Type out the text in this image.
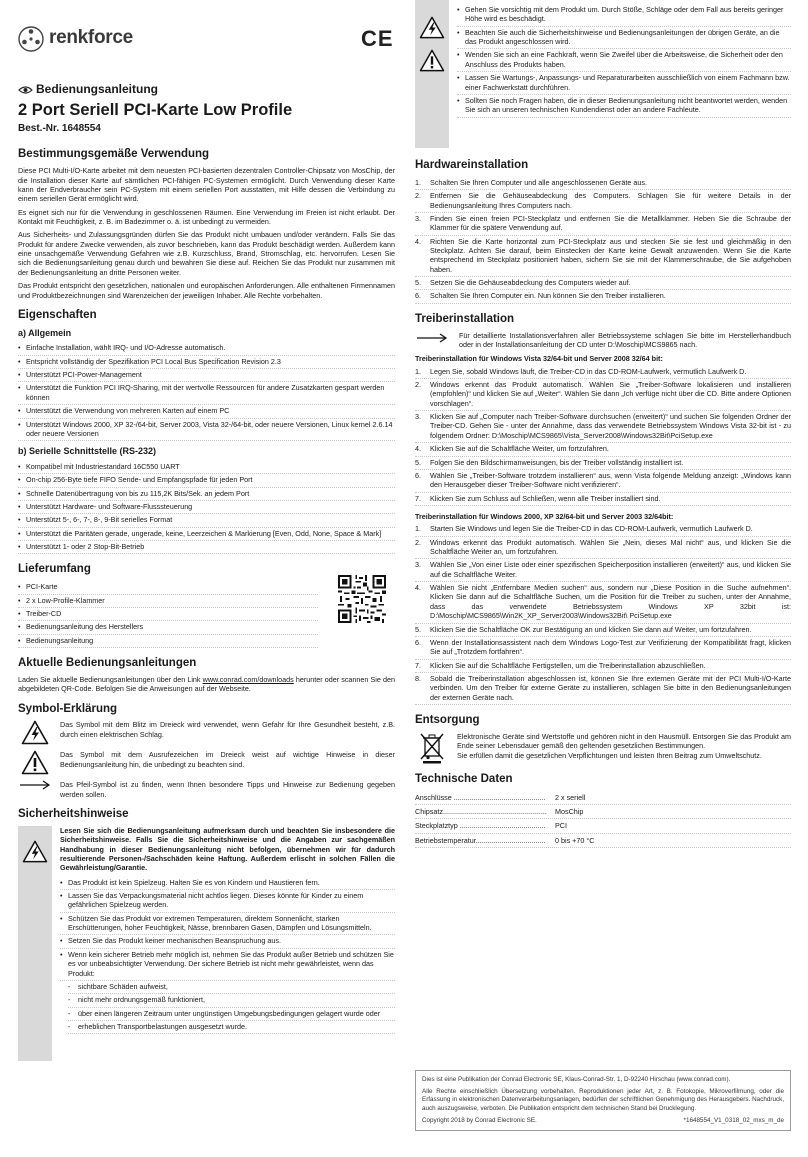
renkforce	CE
Bedienungsanleitung
2 Port Seriell PCI-Karte Low Profile
Best.-Nr. 1648554
Bestimmungsgemäße Verwendung
Diese PCI Multi-I/O-Karte arbeitet mit dem neuesten PCI-basierten dezentralen Controller-Chipsatz von MosChip, der die Installation dieser Karte auf sämtlichen PCI-fähigen PC-Systemen ermöglicht. Durch Verwendung dieser Karte kann der Endverbraucher sein PC-System mit einem seriellen Port ausstatten, mit Hilfe dessen die Verbindung zu einem seriellen Gerät ermöglicht wird.
Es eignet sich nur für die Verwendung in geschlossenen Räumen. Eine Verwendung im Freien ist nicht erlaubt. Der Kontakt mit Feuchtigkeit, z. B. im Badezimmer o. ä. ist unbedingt zu vermeiden.
Aus Sicherheits- und Zulassungsgründen dürfen Sie das Produkt nicht umbauen und/oder verändern. Falls Sie das Produkt für andere Zwecke verwenden, als zuvor beschrieben, kann das Produkt beschädigt werden. Außerdem kann eine unsachgemäße Verwendung Gefahren wie z.B. Kurzschluss, Brand, Stromschlag, etc. hervorrufen. Lesen Sie sich die Bedienungsanleitung genau durch und bewahren Sie diese auf. Reichen Sie das Produkt nur zusammen mit der Bedienungsanleitung an dritte Personen weiter.
Das Produkt entspricht den gesetzlichen, nationalen und europäischen Anforderungen. Alle enthaltenen Firmennamen und Produktbezeichnungen sind Warenzeichen der jeweiligen Inhaber. Alle Rechte vorbehalten.
Eigenschaften
a) Allgemein
• Einfache Installation, wählt IRQ- und I/O-Adresse automatisch.
• Entspricht vollständig der Spezifikation PCI Local Bus Specification Revision 2.3
• Unterstützt PCI-Power-Management
• Unterstützt die Funktion PCI IRQ-Sharing, mit der wertvolle Ressourcen für andere Zusatzkarten gespart werden können
• Unterstützt die Verwendung von mehreren Karten auf einem PC
• Unterstützt Windows 2000, XP 32-/64-bit, Server 2003, Vista 32-/64-bit, oder neuere Versionen, Linux kernel 2.6.14 oder neuere Versionen
b) Serielle Schnittstelle (RS-232)
• Kompatibel mit Industriestandard 16C550 UART
• On-chip 256-Byte tiefe FIFO Sende- und Empfangspfade für jeden Port
• Schnelle Datenübertragung von bis zu 115,2K Bits/Sek. an jedem Port
• Unterstützt Hardware- und Software-Flusssteuerung
• Unterstützt 5-, 6-, 7-, 8-, 9-Bit serielles Format
• Unterstützt die Paritäten gerade, ungerade, keine, Leerzeichen & Markierung [Even, Odd, None, Space & Mark]
• Unterstützt 1- oder 2 Stop-Bit-Betrieb
Lieferumfang
• PCI-Karte
• 2 x Low-Profile-Klammer
• Treiber-CD
• Bedienungsanleitung des Herstellers
• Bedienungsanleitung
Aktuelle Bedienungsanleitungen
Laden Sie aktuelle Bedienungsanleitungen über den Link www.conrad.com/downloads herunter oder scannen Sie den abgebildeten QR-Code. Befolgen Sie die Anweisungen auf der Webseite.
Symbol-Erklärung
Das Symbol mit dem Blitz im Dreieck wird verwendet, wenn Gefahr für Ihre Gesundheit besteht, z.B. durch einen elektrischen Schlag.
Das Symbol mit dem Ausrufezeichen im Dreieck weist auf wichtige Hinweise in dieser Bedienungsanleitung hin, die unbedingt zu beachten sind.
Das Pfeil-Symbol ist zu finden, wenn Ihnen besondere Tipps und Hinweise zur Bedienung gegeben werden sollen.
Sicherheitshinweise
Lesen Sie sich die Bedienungsanleitung aufmerksam durch und beachten Sie insbesondere die Sicherheitshinweise. Falls Sie die Sicherheitshinweise und die Angaben zur sachgemäßen Handhabung in dieser Bedienungsanleitung nicht befolgen, übernehmen wir für dadurch resultierende Personen-/Sachschäden keine Haftung. Außerdem erlischt in solchen Fällen die Gewährleistung/Garantie.
• Das Produkt ist kein Spielzeug. Halten Sie es von Kindern und Haustieren fern.
• Lassen Sie das Verpackungsmaterial nicht achtlos liegen. Dieses könnte für Kinder zu einem gefährlichen Spielzeug werden.
• Schützen Sie das Produkt vor extremen Temperaturen, direktem Sonnenlicht, starken Erschütterungen, hoher Feuchtigkeit, Nässe, brennbaren Gasen, Dämpfen und Lösungsmitteln.
• Setzen Sie das Produkt keiner mechanischen Beanspruchung aus.
• Wenn kein sicherer Betrieb mehr möglich ist, nehmen Sie das Produkt außer Betrieb und schützen Sie es vor unbeabsichtigter Verwendung. Der sichere Betrieb ist nicht mehr gewährleistet, wenn das Produkt:
- sichtbare Schäden aufweist,
- nicht mehr ordnungsgemäß funktioniert,
- über einen längeren Zeitraum unter ungünstigen Umgebungsbedingungen gelagert wurde oder
- erheblichen Transportbelastungen ausgesetzt wurde.
• Gehen Sie vorsichtig mit dem Produkt um. Durch Stöße, Schläge oder dem Fall aus bereits geringer Höhe wird es beschädigt.
• Beachten Sie auch die Sicherheitshinweise und Bedienungsanleitungen der übrigen Geräte, an die das Produkt angeschlossen wird.
• Wenden Sie sich an eine Fachkraft, wenn Sie Zweifel über die Arbeitsweise, die Sicherheit oder den Anschluss des Produkts haben.
• Lassen Sie Wartungs-, Anpassungs- und Reparaturarbeiten ausschließlich von einem Fachmann bzw. einer Fachwerkstatt durchführen.
• Sollten Sie noch Fragen haben, die in dieser Bedienungsanleitung nicht beantwortet werden, wenden Sie sich an unseren technischen Kundendienst oder an andere Fachleute.
Hardwareinstallation
1. Schalten Sie Ihren Computer und alle angeschlossenen Geräte aus.
2. Entfernen Sie die Gehäuseabdeckung des Computers. Schlagen Sie für weitere Details in der Bedienungsanleitung Ihres Computers nach.
3. Finden Sie einen freien PCI-Steckplatz und entfernen Sie die Metallklammer. Heben Sie die Schraube der Klammer für die spätere Verwendung auf.
4. Richten Sie die Karte horizontal zum PCI-Steckplatz aus und stecken Sie sie fest und gleichmäßig in den Steckplatz. Achten Sie darauf, beim Einstecken der Karte keine Gewalt anzuwenden. Wenn Sie die Karte entsprechend im Steckplatz positioniert haben, sichern Sie sie mit der Klammerschraube, die Sie aufgehoben haben.
5. Setzen Sie die Gehäuseabdeckung des Computers wieder auf.
6. Schalten Sie Ihren Computer ein. Nun können Sie den Treiber installieren.
Treiberinstallation
Für detaillierte Installationsverfahren aller Betriebssysteme schlagen Sie bitte im Herstellerhandbuch oder in der Installationsanleitung der CD unter D:\Moschip\MCS9865 nach.
Treiberinstallation für Windows Vista 32/64-bit und Server 2008 32/64 bit:
1. Legen Sie, sobald Windows läuft, die Treiber-CD in das CD-ROM-Laufwerk, vermutlich Laufwerk D.
2. Windows erkennt das Produkt automatisch. Wählen Sie „Treiber-Software lokalisieren und installieren (empfohlen)“ und klicken Sie auf „Weiter“. Wählen Sie dann „Ich verfüge nicht über die CD. Bitte andere Optionen vorschlagen“.
3. Klicken Sie auf „Computer nach Treiber-Software durchsuchen (erweitert)“ und suchen Sie folgenden Ordner der Treiber-CD. Gehen Sie - unter der Annahme, dass das verwendete Betriebssystem Windows Vista 32-bit ist - zu folgendem Ordner: D:\Moschip\MCS9865\Vista_Server2008\Windows32Bit\PciSetup.exe
4. Klicken Sie auf die Schaltfläche Weiter, um fortzufahren.
5. Folgen Sie den Bildschirmanweisungen, bis der Treiber vollständig installiert ist.
6. Wählen Sie „Treiber-Software trotzdem installieren“ aus, wenn Vista folgende Meldung anzeigt: „Windows kann den Herausgeber dieser Treiber-Software nicht verifizieren“.
7. Klicken Sie zum Schluss auf Schließen, wenn alle Treiber installiert sind.
Treiberinstallation für Windows 2000, XP 32/64-bit und Server 2003 32/64bit:
1. Starten Sie Windows und legen Sie die Treiber-CD in das CD-ROM-Laufwerk, vermutlich Laufwerk D.
2. Windows erkennt das Produkt automatisch. Wählen Sie „Nein, dieses Mal nicht“ aus, und klicken Sie die Schaltfläche Weiter an, um fortzufahren.
3. Wählen Sie „Von einer Liste oder einer spezifischen Speicherposition installieren (erweitert)“ aus, und klicken Sie auf die Schaltfläche Weiter.
4. Wählen Sie nicht „Entfernbare Medien suchen“ aus, sondern nur „Diese Position in die Suche aufnehmen“. Klicken Sie dann auf die Schaltfläche Suchen, um die Position für die Treiber zu suchen, unter der Annahme, dass das verwendete Betriebssystem Windows XP 32bit ist: D:\Moschip\MCS9865\Win2K_XP_Server2003\Windows32Bit\ PciSetup.exe
5. Klicken Sie die Schaltfläche OK zur Bestätigung an und klicken Sie dann auf Weiter, um fortzufahren.
6. Wenn der Installationsassistent nach dem Windows Logo-Test zur Verifizierung der Kompatibilität fragt, klicken Sie auf „Trotzdem fortfahren“.
7. Klicken Sie auf die Schaltfläche Fertigstellen, um die Treiberinstallation abzuschließen.
8. Sobald die Treiberinstallation abgeschlossen ist, können Sie Ihre externen Geräte mit der PCI Multi-I/O-Karte verbinden. Um den Treiber für externe Geräte zu installieren, schlagen Sie bitte in den Bedienungsanleitungen der externen Geräte nach.
Entsorgung
Elektronische Geräte sind Wertstoffe und gehören nicht in den Hausmüll. Entsorgen Sie das Produkt am Ende seiner Lebensdauer gemäß den geltenden gesetzlichen Bestimmungen.
Sie erfüllen damit die gesetzlichen Verpflichtungen und leisten Ihren Beitrag zum Umweltschutz.
Technische Daten
Anschlüsse ..............................................	2 x seriell
Chipsatz....................................................	MosChip
Steckplatztyp ...........................................	PCI
Betriebstemperatur...................................	0 bis +70 °C
Dies ist eine Publikation der Conrad Electronic SE, Klaus-Conrad-Str. 1, D-92240 Hirschau (www.conrad.com).
Alle Rechte einschließlich Übersetzung vorbehalten. Reproduktionen jeder Art, z. B. Fotokopie, Mikroverfilmung, oder die Erfassung in elektronischen Datenverarbeitungsanlagen, bedürfen der schriftlichen Genehmigung des Herausgebers. Nachdruck, auch auszugsweise, verboten. Die Publikation entspricht dem technischen Stand bei Drucklegung.
Copyright 2018 by Conrad Electronic SE.	*1648554_V1_0318_02_mxs_m_de
